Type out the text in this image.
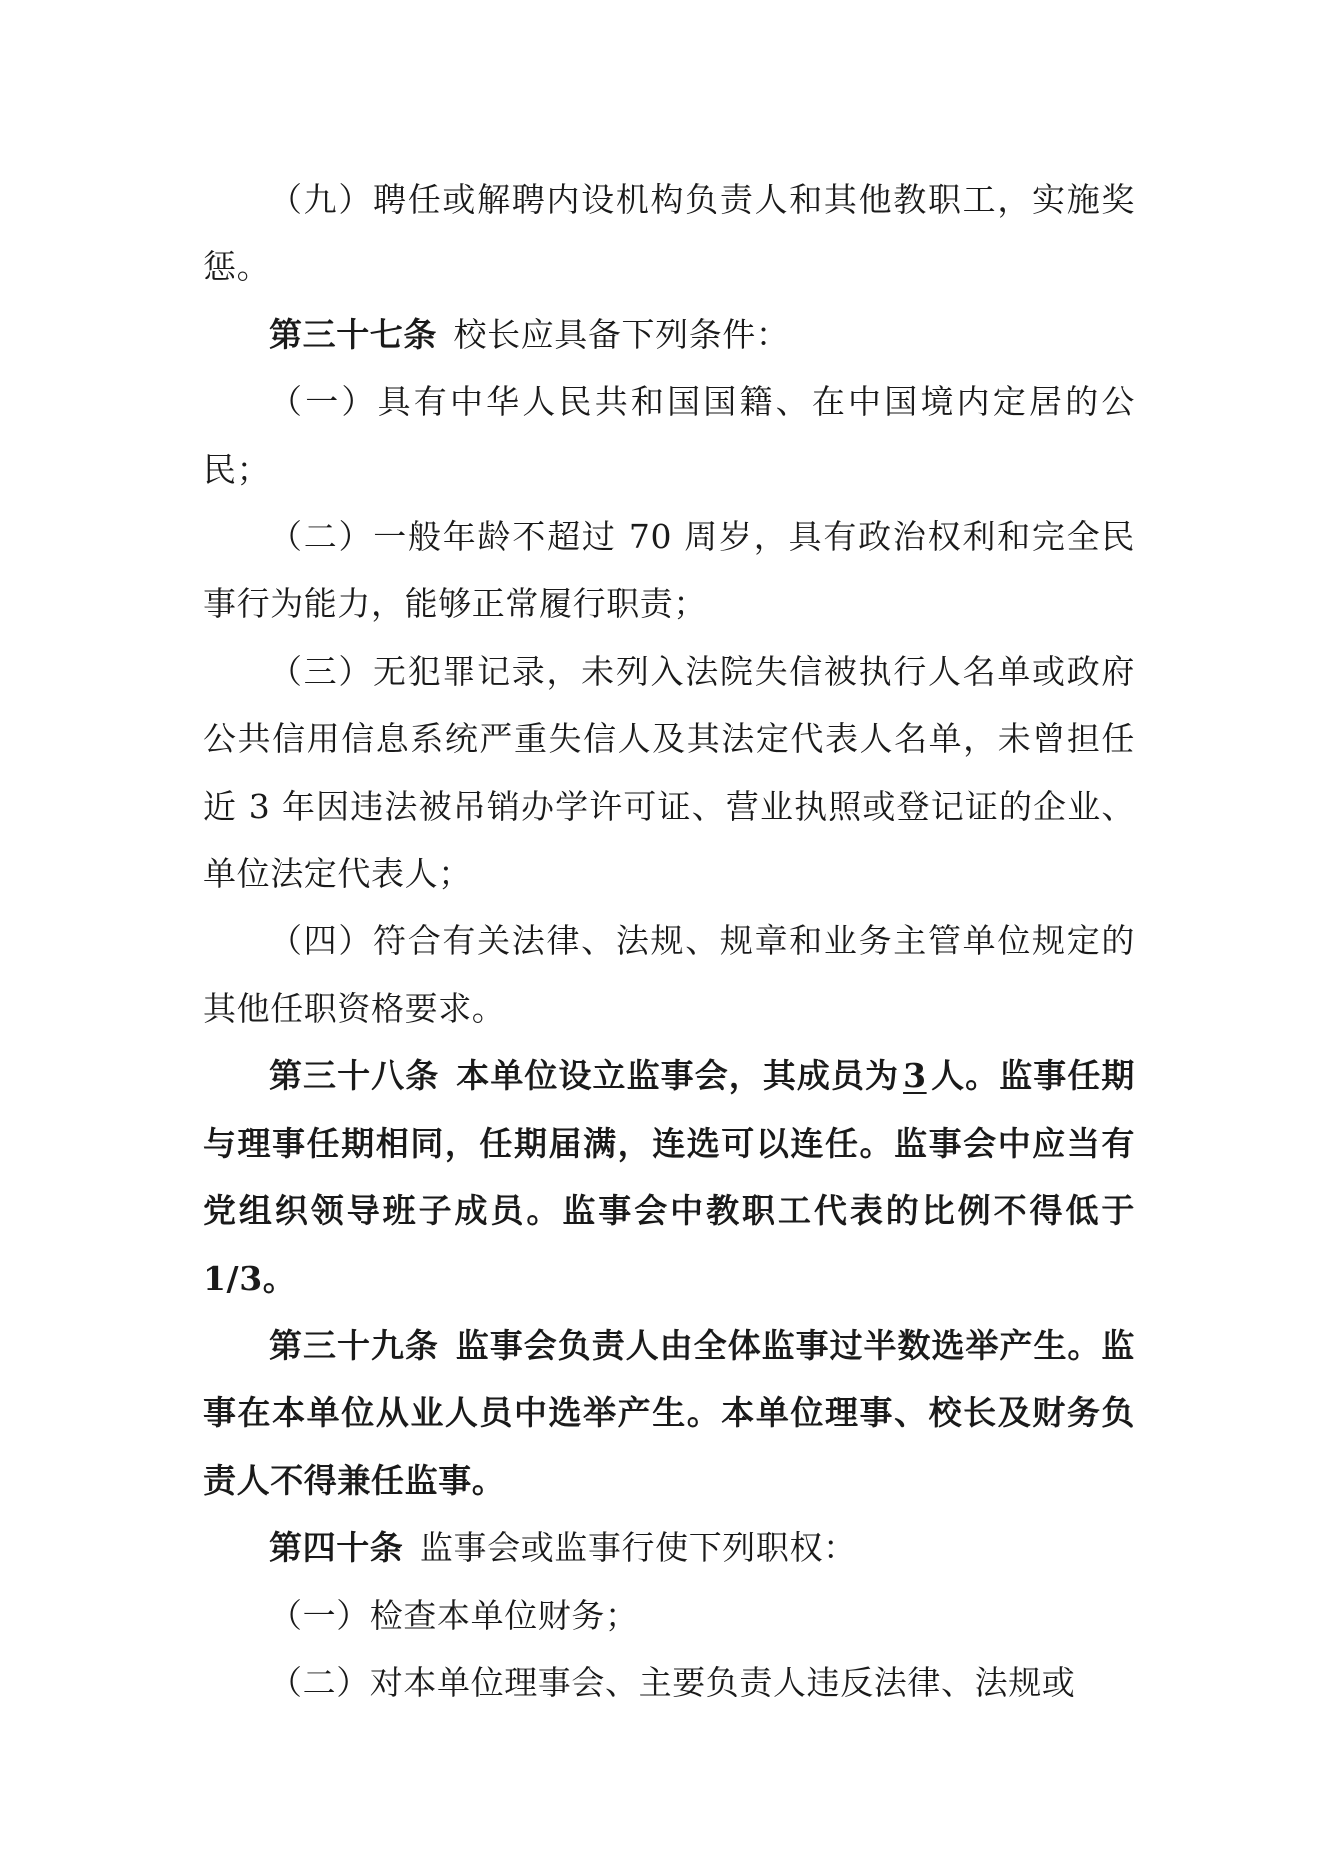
（九）聘任或解聘内设机构负责人和其他教职工，实施奖惩。

第三十七条 校长应具备下列条件：

（一）具有中华人民共和国国籍、在中国境内定居的公民；

（二）一般年龄不超过 70 周岁，具有政治权利和完全民事行为能力，能够正常履行职责；

（三）无犯罪记录，未列入法院失信被执行人名单或政府公共信用信息系统严重失信人及其法定代表人名单，未曾担任近 3 年因违法被吊销办学许可证、营业执照或登记证的企业、单位法定代表人；

（四）符合有关法律、法规、规章和业务主管单位规定的其他任职资格要求。

第三十八条 本单位设立监事会，其成员为 3 人。监事任期与理事任期相同，任期届满，连选可以连任。监事会中应当有党组织领导班子成员。监事会中教职工代表的比例不得低于 1/3。

第三十九条 监事会负责人由全体监事过半数选举产生。监事在本单位从业人员中选举产生。本单位理事、校长及财务负责人不得兼任监事。

第四十条 监事会或监事行使下列职权：

（一）检查本单位财务；

（二）对本单位理事会、主要负责人违反法律、法规或
